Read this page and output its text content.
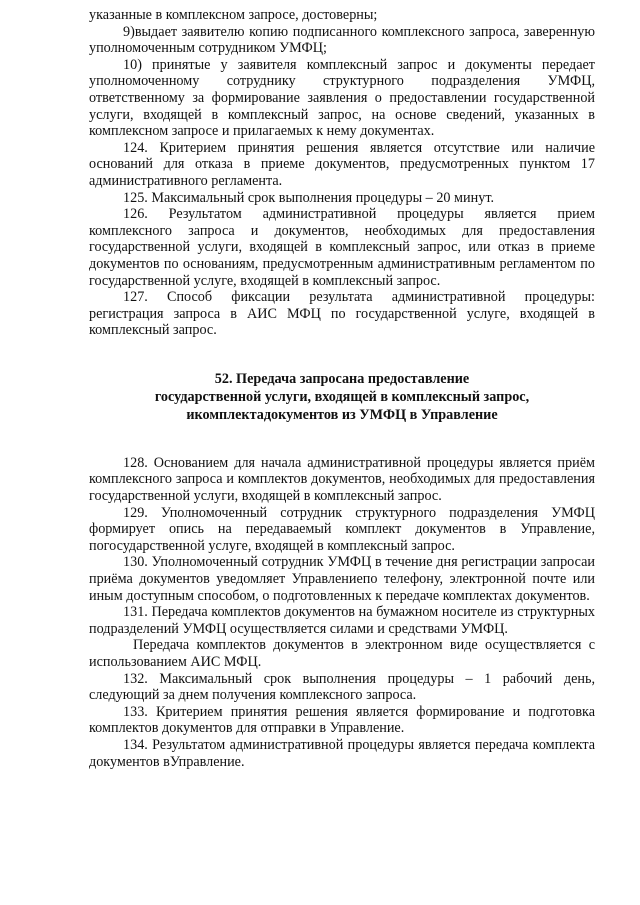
указанные в комплексном запросе, достоверны;

9)выдает заявителю копию подписанного комплексного запроса, заверенную уполномоченным сотрудником УМФЦ;

10) принятые у заявителя комплексный запрос и документы передает уполномоченному сотруднику структурного подразделения УМФЦ, ответственному за формирование заявления о предоставлении государственной услуги, входящей в комплексный запрос, на основе сведений, указанных в комплексном запросе и прилагаемых к нему документах.

124. Критерием принятия решения является отсутствие или наличие оснований для отказа в приеме документов, предусмотренных пунктом 17 административного регламента.

125. Максимальный срок выполнения процедуры – 20 минут.

126. Результатом административной процедуры является прием комплексного запроса и документов, необходимых для предоставления государственной услуги, входящей в комплексный запрос, или отказ в приеме документов по основаниям, предусмотренным административным регламентом по государственной услуге, входящей в комплексный запрос.

127. Способ фиксации результата административной процедуры: регистрация запроса в АИС МФЦ по государственной услуге, входящей в комплексный запрос.

52. Передача запросана предоставление
государственной услуги, входящей в комплексный запрос,
икомплектадокументов из УМФЦ в Управление

128. Основанием для начала административной процедуры является приём комплексного запроса и комплектов документов, необходимых для предоставления государственной услуги, входящей в комплексный запрос.

129. Уполномоченный сотрудник структурного подразделения УМФЦ формирует опись на передаваемый комплект документов в Управление, погосударственной услуге, входящей в комплексный запрос.

130. Уполномоченный сотрудник УМФЦ в течение дня регистрации запросаи приёма документов уведомляет Управлениепо телефону, электронной почте или иным доступным способом, о подготовленных к передаче комплектах документов.

131. Передача комплектов документов на бумажном носителе из структурных подразделений УМФЦ осуществляется силами и средствами УМФЦ.

Передача комплектов документов в электронном виде осуществляется с использованием АИС МФЦ.

132. Максимальный срок выполнения процедуры – 1 рабочий день, следующий за днем получения комплексного запроса.

133. Критерием принятия решения является формирование и подготовка комплектов документов для отправки в Управление.

134. Результатом административной процедуры является передача комплекта документов вУправление.
